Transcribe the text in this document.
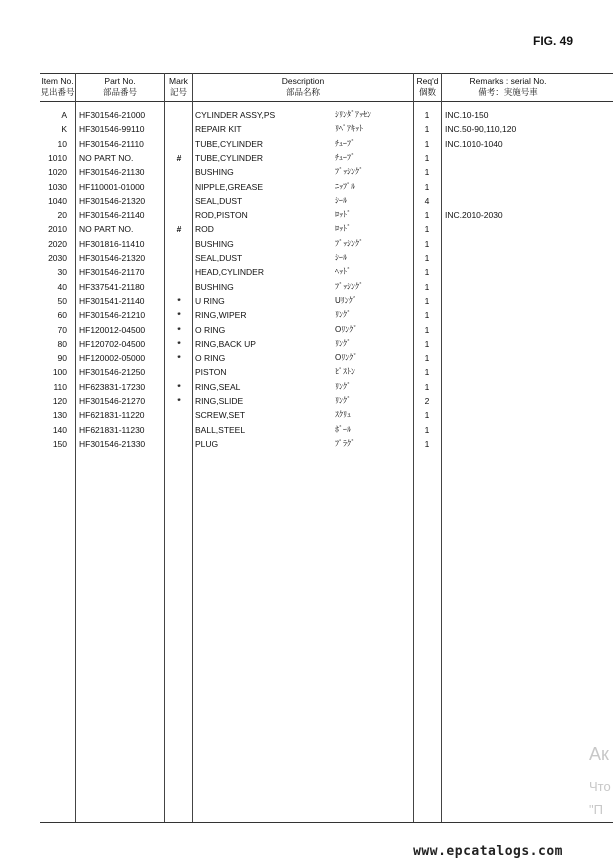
FIG. 49
Item No.
見出番号
Part No.
部品番号
Mark
記号
Description
部品名称
Req'd
個数
Remarks : serial No.
備考：実施号車
A HF301546-21000	CYLINDER ASSY,PS	ｼﾘﾝﾀﾞｱｯｾﾝ	1	INC.10-150
K HF301546-99110	REPAIR KIT	ﾘﾍﾟｱｷｯﾄ	1	INC.50-90,110,120
10 HF301546-21110	TUBE,CYLINDER	ﾁｭｰﾌﾞ	1	INC.1010-1040
1010 NO PART NO.	#	TUBE,CYLINDER	ﾁｭｰﾌﾞ	1
1020 HF301546-21130	BUSHING	ﾌﾞｯｼﾝｸﾞ	1
1030 HF110001-01000	NIPPLE,GREASE	ﾆｯﾌﾟﾙ	1
1040 HF301546-21320	SEAL,DUST	ｼｰﾙ	4
20 HF301546-21140	ROD,PISTON	ﾛｯﾄﾞ	1	INC.2010-2030
2010 NO PART NO.	#	ROD	ﾛｯﾄﾞ	1
2020 HF301816-11410	BUSHING	ﾌﾞｯｼﾝｸﾞ	1
2030 HF301546-21320	SEAL,DUST	ｼｰﾙ	1
30 HF301546-21170	HEAD,CYLINDER	ﾍｯﾄﾞ	1
40 HF337541-21180	BUSHING	ﾌﾞｯｼﾝｸﾞ	1
50 HF301541-21140	*	U RING	Uﾘﾝｸﾞ	1
60 HF301546-21210	*	RING,WIPER	ﾘﾝｸﾞ	1
70 HF120012-04500	*	O RING	Oﾘﾝｸﾞ	1
80 HF120702-04500	*	RING,BACK UP	ﾘﾝｸﾞ	1
90 HF120002-05000	*	O RING	Oﾘﾝｸﾞ	1
100 HF301546-21250	PISTON	ﾋﾟｽﾄﾝ	1
110 HF623831-17230	*	RING,SEAL	ﾘﾝｸﾞ	1
120 HF301546-21270	*	RING,SLIDE	ﾘﾝｸﾞ	2
130 HF621831-11220	SCREW,SET	ｽｸﾘｭ	1
140 HF621831-11230	BALL,STEEL	ﾎﾞｰﾙ	1
150 HF301546-21330	PLUG	ﾌﾟﾗｸﾞ	1
Ак
Что
"П
www.epcatalogs.com
